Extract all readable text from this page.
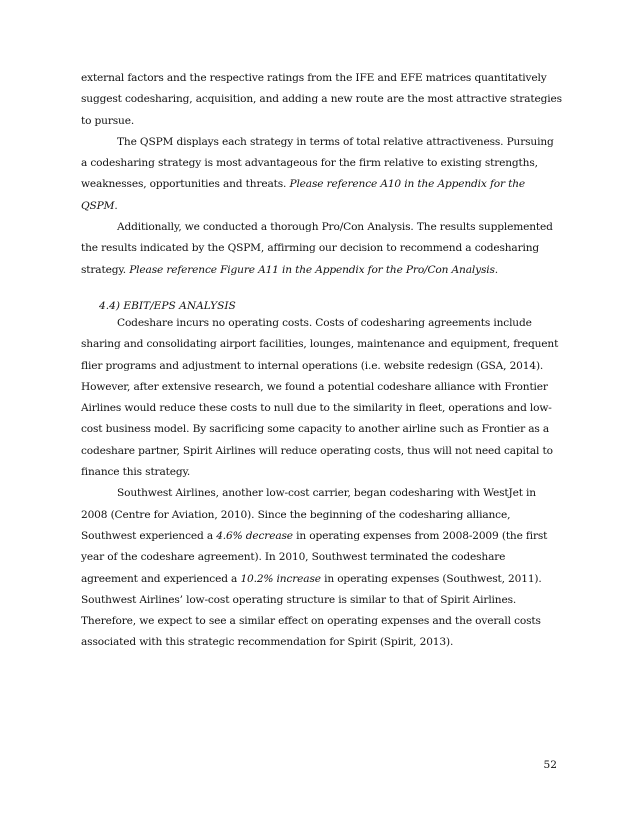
external factors and the respective ratings from the IFE and EFE matrices quantitatively suggest codesharing, acquisition, and adding a new route are the most attractive strategies to pursue.

The QSPM displays each strategy in terms of total relative attractiveness. Pursuing a codesharing strategy is most advantageous for the firm relative to existing strengths, weaknesses, opportunities and threats. Please reference A10 in the Appendix for the QSPM.

Additionally, we conducted a thorough Pro/Con Analysis. The results supplemented the results indicated by the QSPM, affirming our decision to recommend a codesharing strategy. Please reference Figure A11 in the Appendix for the Pro/Con Analysis.

4.4) EBIT/EPS ANALYSIS

Codeshare incurs no operating costs. Costs of codesharing agreements include sharing and consolidating airport facilities, lounges, maintenance and equipment, frequent flier programs and adjustment to internal operations (i.e. website redesign (GSA, 2014). However, after extensive research, we found a potential codeshare alliance with Frontier Airlines would reduce these costs to null due to the similarity in fleet, operations and low-cost business model. By sacrificing some capacity to another airline such as Frontier as a codeshare partner, Spirit Airlines will reduce operating costs, thus will not need capital to finance this strategy.

Southwest Airlines, another low-cost carrier, began codesharing with WestJet in 2008 (Centre for Aviation, 2010). Since the beginning of the codesharing alliance, Southwest experienced a 4.6% decrease in operating expenses from 2008-2009 (the first year of the codeshare agreement). In 2010, Southwest terminated the codeshare agreement and experienced a 10.2% increase in operating expenses (Southwest, 2011). Southwest Airlines’ low-cost operating structure is similar to that of Spirit Airlines. Therefore, we expect to see a similar effect on operating expenses and the overall costs associated with this strategic recommendation for Spirit (Spirit, 2013).

52
